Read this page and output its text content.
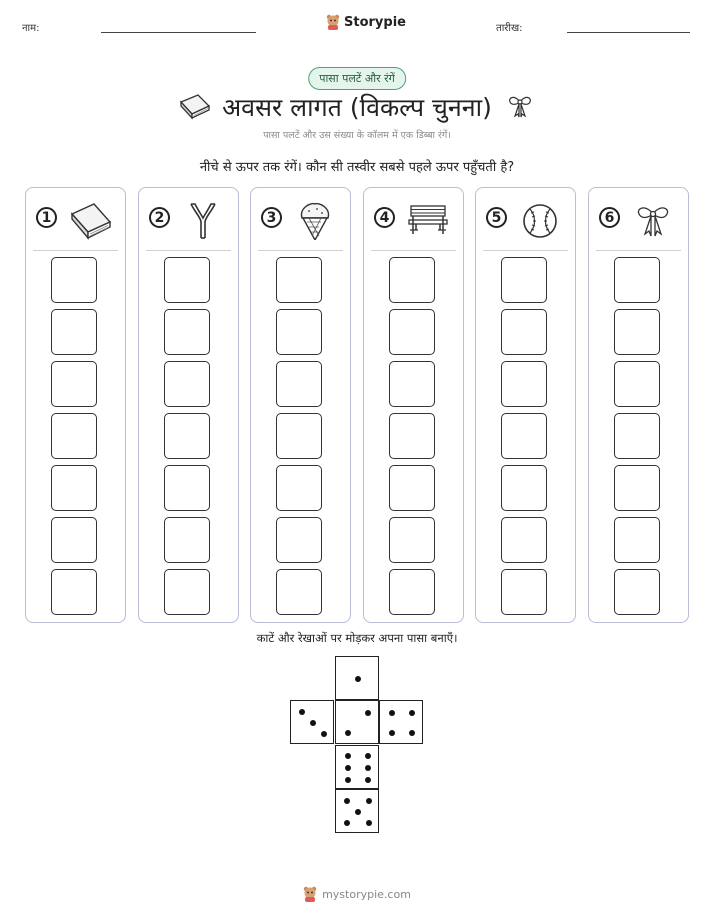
नाम:	Storypie	तारीख:
पासा पलटें और रंगें
अवसर लागत (विकल्प चुनना)
पासा पलटें और उस संख्या के कॉलम में एक डिब्बा रंगें।
नीचे से ऊपर तक रंगें। कौन सी तस्वीर सबसे पहले ऊपर पहुँचती है?
1	2	3	4	5	6
काटें और रेखाओं पर मोड़कर अपना पासा बनाएँ।
mystorypie.com
